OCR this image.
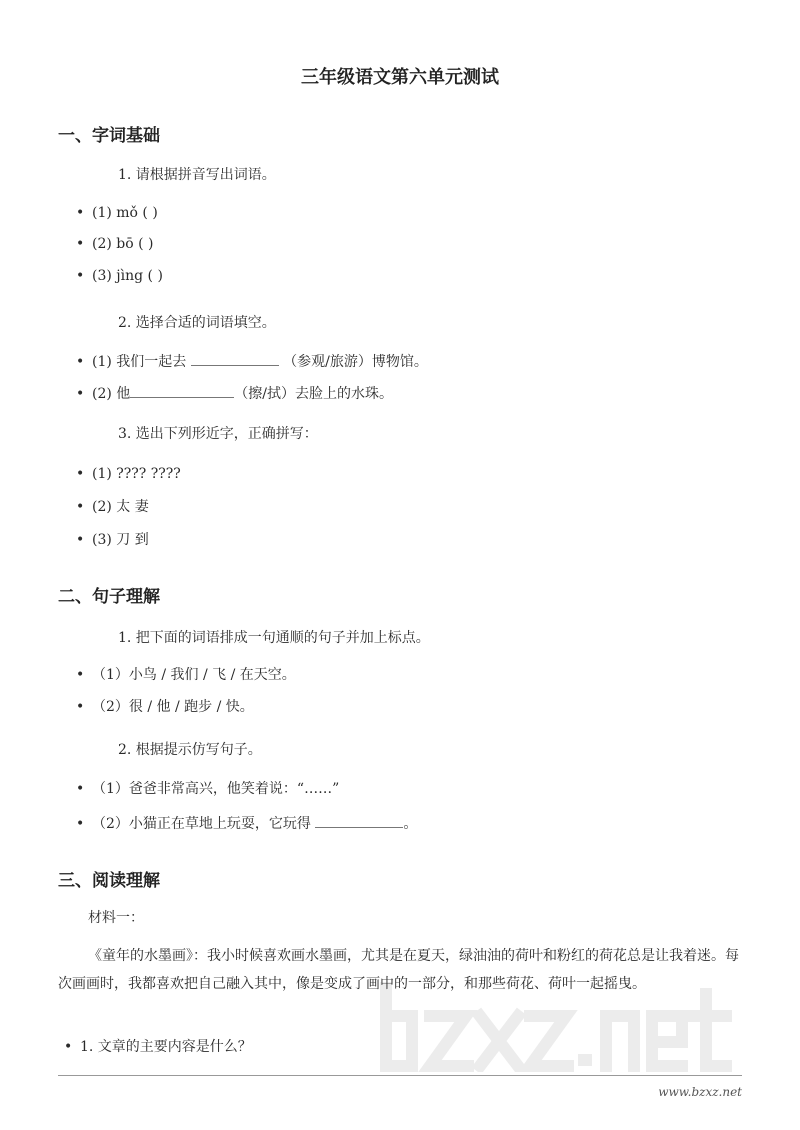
三年级语文第六单元测试
一、字词基础
1. 请根据拼音写出词语。
• (1) mǒ ( )
• (2) bō ( )
• (3) jìng ( )
2. 选择合适的词语填空。
• (1) 我们一起去	（参观/旅游）博物馆。
• (2) 他	（擦/拭）去脸上的水珠。
3. 选出下列形近字，正确拼写：
• (1) ???? ????
• (2) 太 妻
• (3) 刀 到
二、句子理解
1. 把下面的词语排成一句通顺的句子并加上标点。
• （1）小鸟 / 我们 / 飞 / 在天空。
• （2）很 / 他 / 跑步 / 快。
2. 根据提示仿写句子。
• （1）爸爸非常高兴，他笑着说：“……”
• （2）小猫正在草地上玩耍，它玩得	。
三、阅读理解
材料一：
《童年的水墨画》：我小时候喜欢画水墨画，尤其是在夏天，绿油油的荷叶和粉红的荷花总是让我着迷。每次画画时，我都喜欢把自己融入其中，像是变成了画中的一部分，和那些荷花、荷叶一起摇曳。
• 1. 文章的主要内容是什么？
www.bzxz.net
